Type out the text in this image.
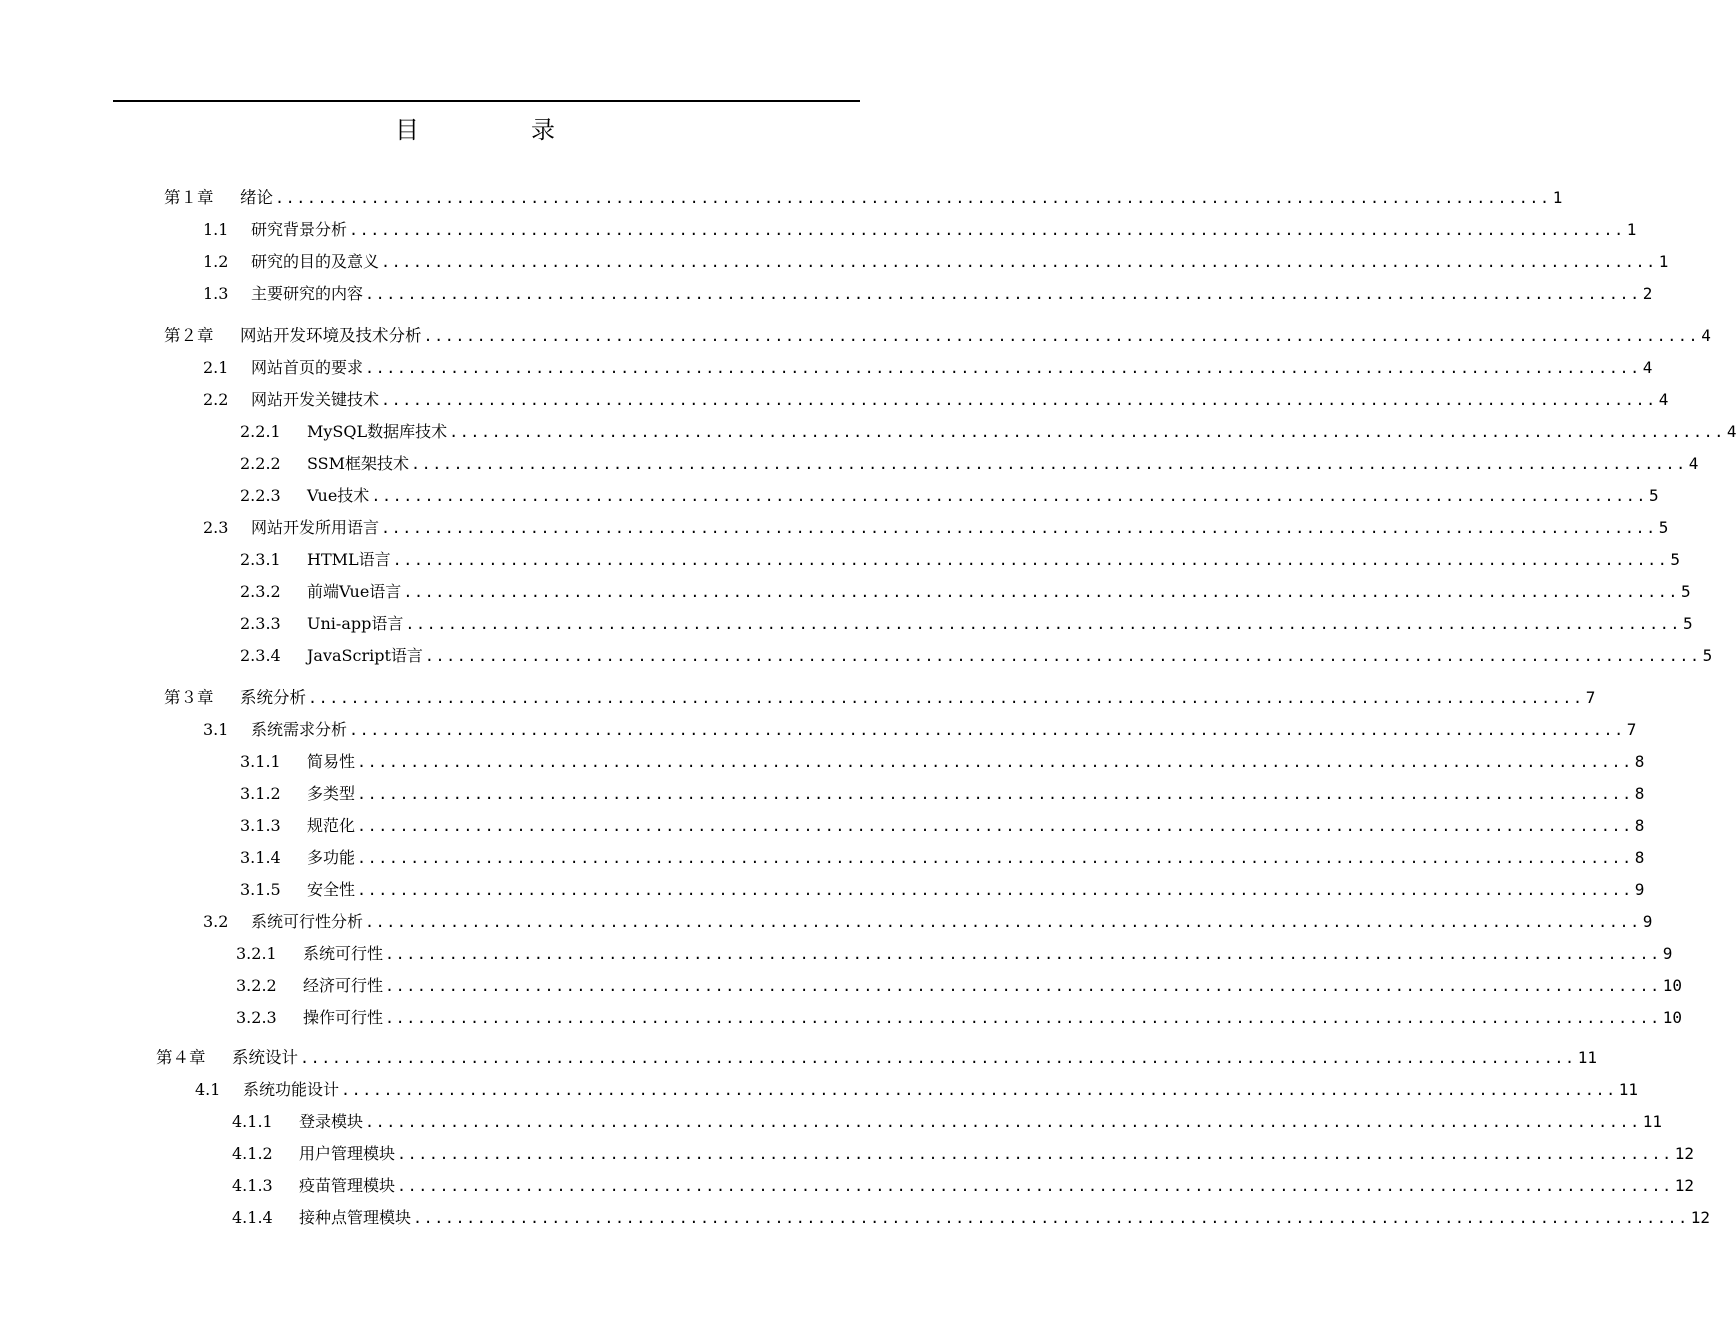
目　录
第１章	绪论 ........................................................................................................................ 1
1.1	研究背景分析 ........................................................................................................................ 1
1.2	研究的目的及意义 ........................................................................................................................ 1
1.3	主要研究的内容 ........................................................................................................................ 2
第２章	网站开发环境及技术分析 ........................................................................................................................ 4
2.1	网站首页的要求 ........................................................................................................................ 4
2.2	网站开发关键技术 ........................................................................................................................ 4
2.2.1	MySQL数据库技术 ........................................................................................................................ 4
2.2.2	SSM框架技术 ........................................................................................................................ 4
2.2.3	Vue技术 ........................................................................................................................ 5
2.3	网站开发所用语言 ........................................................................................................................ 5
2.3.1	HTML语言 ........................................................................................................................ 5
2.3.2	前端Vue语言 ........................................................................................................................ 5
2.3.3	Uni-app语言 ........................................................................................................................ 5
2.3.4	JavaScript语言 ........................................................................................................................ 5
第３章	系统分析 ........................................................................................................................ 7
3.1	系统需求分析 ........................................................................................................................ 7
3.1.1	简易性 ........................................................................................................................ 8
3.1.2	多类型 ........................................................................................................................ 8
3.1.3	规范化 ........................................................................................................................ 8
3.1.4	多功能 ........................................................................................................................ 8
3.1.5	安全性 ........................................................................................................................ 9
3.2	系统可行性分析 ........................................................................................................................ 9
3.2.1	系统可行性 ........................................................................................................................ 9
3.2.2	经济可行性 ........................................................................................................................ 10
3.2.3	操作可行性 ........................................................................................................................ 10
第４章	系统设计 ........................................................................................................................ 11
4.1	系统功能设计 ........................................................................................................................ 11
4.1.1	登录模块 ........................................................................................................................ 11
4.1.2	用户管理模块 ........................................................................................................................ 12
4.1.3	疫苗管理模块 ........................................................................................................................ 12
4.1.4	接种点管理模块 ........................................................................................................................ 12
